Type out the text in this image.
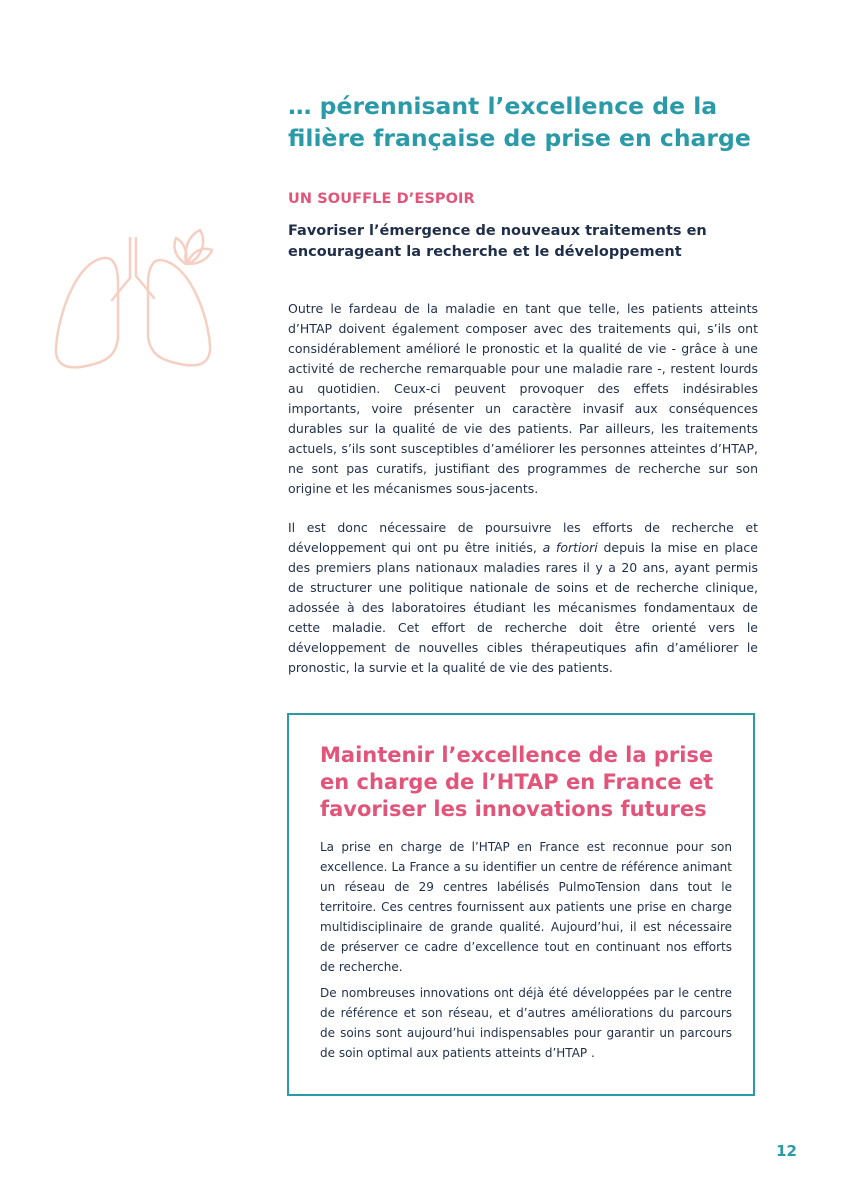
… pérennisant l’excellence de la
filière française de prise en charge

UN SOUFFLE D’ESPOIR

Favoriser l’émergence de nouveaux traitements en encourageant la recherche et le développement

Outre le fardeau de la maladie en tant que telle, les patients atteints d’HTAP doivent également composer avec des traitements qui, s’ils ont considérablement amélioré le pronostic et la qualité de vie - grâce à une activité de recherche remarquable pour une maladie rare -, restent lourds au quotidien. Ceux-ci peuvent provoquer des effets indésirables importants, voire présenter un caractère invasif aux conséquences durables sur la qualité de vie des patients. Par ailleurs, les traitements actuels, s’ils sont susceptibles d’améliorer les personnes atteintes d’HTAP, ne sont pas curatifs, justifiant des programmes de recherche sur son origine et les mécanismes sous-jacents.

Il est donc nécessaire de poursuivre les efforts de recherche et développement qui ont pu être initiés, a fortiori depuis la mise en place des premiers plans nationaux maladies rares il y a 20 ans, ayant permis de structurer une politique nationale de soins et de recherche clinique, adossée à des laboratoires étudiant les mécanismes fondamentaux de cette maladie. Cet effort de recherche doit être orienté vers le développement de nouvelles cibles thérapeutiques afin d’améliorer le pronostic, la survie et la qualité de vie des patients.

Maintenir l’excellence de la prise en charge de l’HTAP en France et favoriser les innovations futures

La prise en charge de l’HTAP en France est reconnue pour son excellence. La France a su identifier un centre de référence animant un réseau de 29 centres labélisés PulmoTension dans tout le territoire. Ces centres fournissent aux patients une prise en charge multidisciplinaire de grande qualité. Aujourd’hui, il est nécessaire de préserver ce cadre d’excellence tout en continuant nos efforts de recherche.

De nombreuses innovations ont déjà été développées par le centre de référence et son réseau, et d’autres améliorations du parcours de soins sont aujourd’hui indispensables pour garantir un parcours de soin optimal aux patients atteints d’HTAP .

12
